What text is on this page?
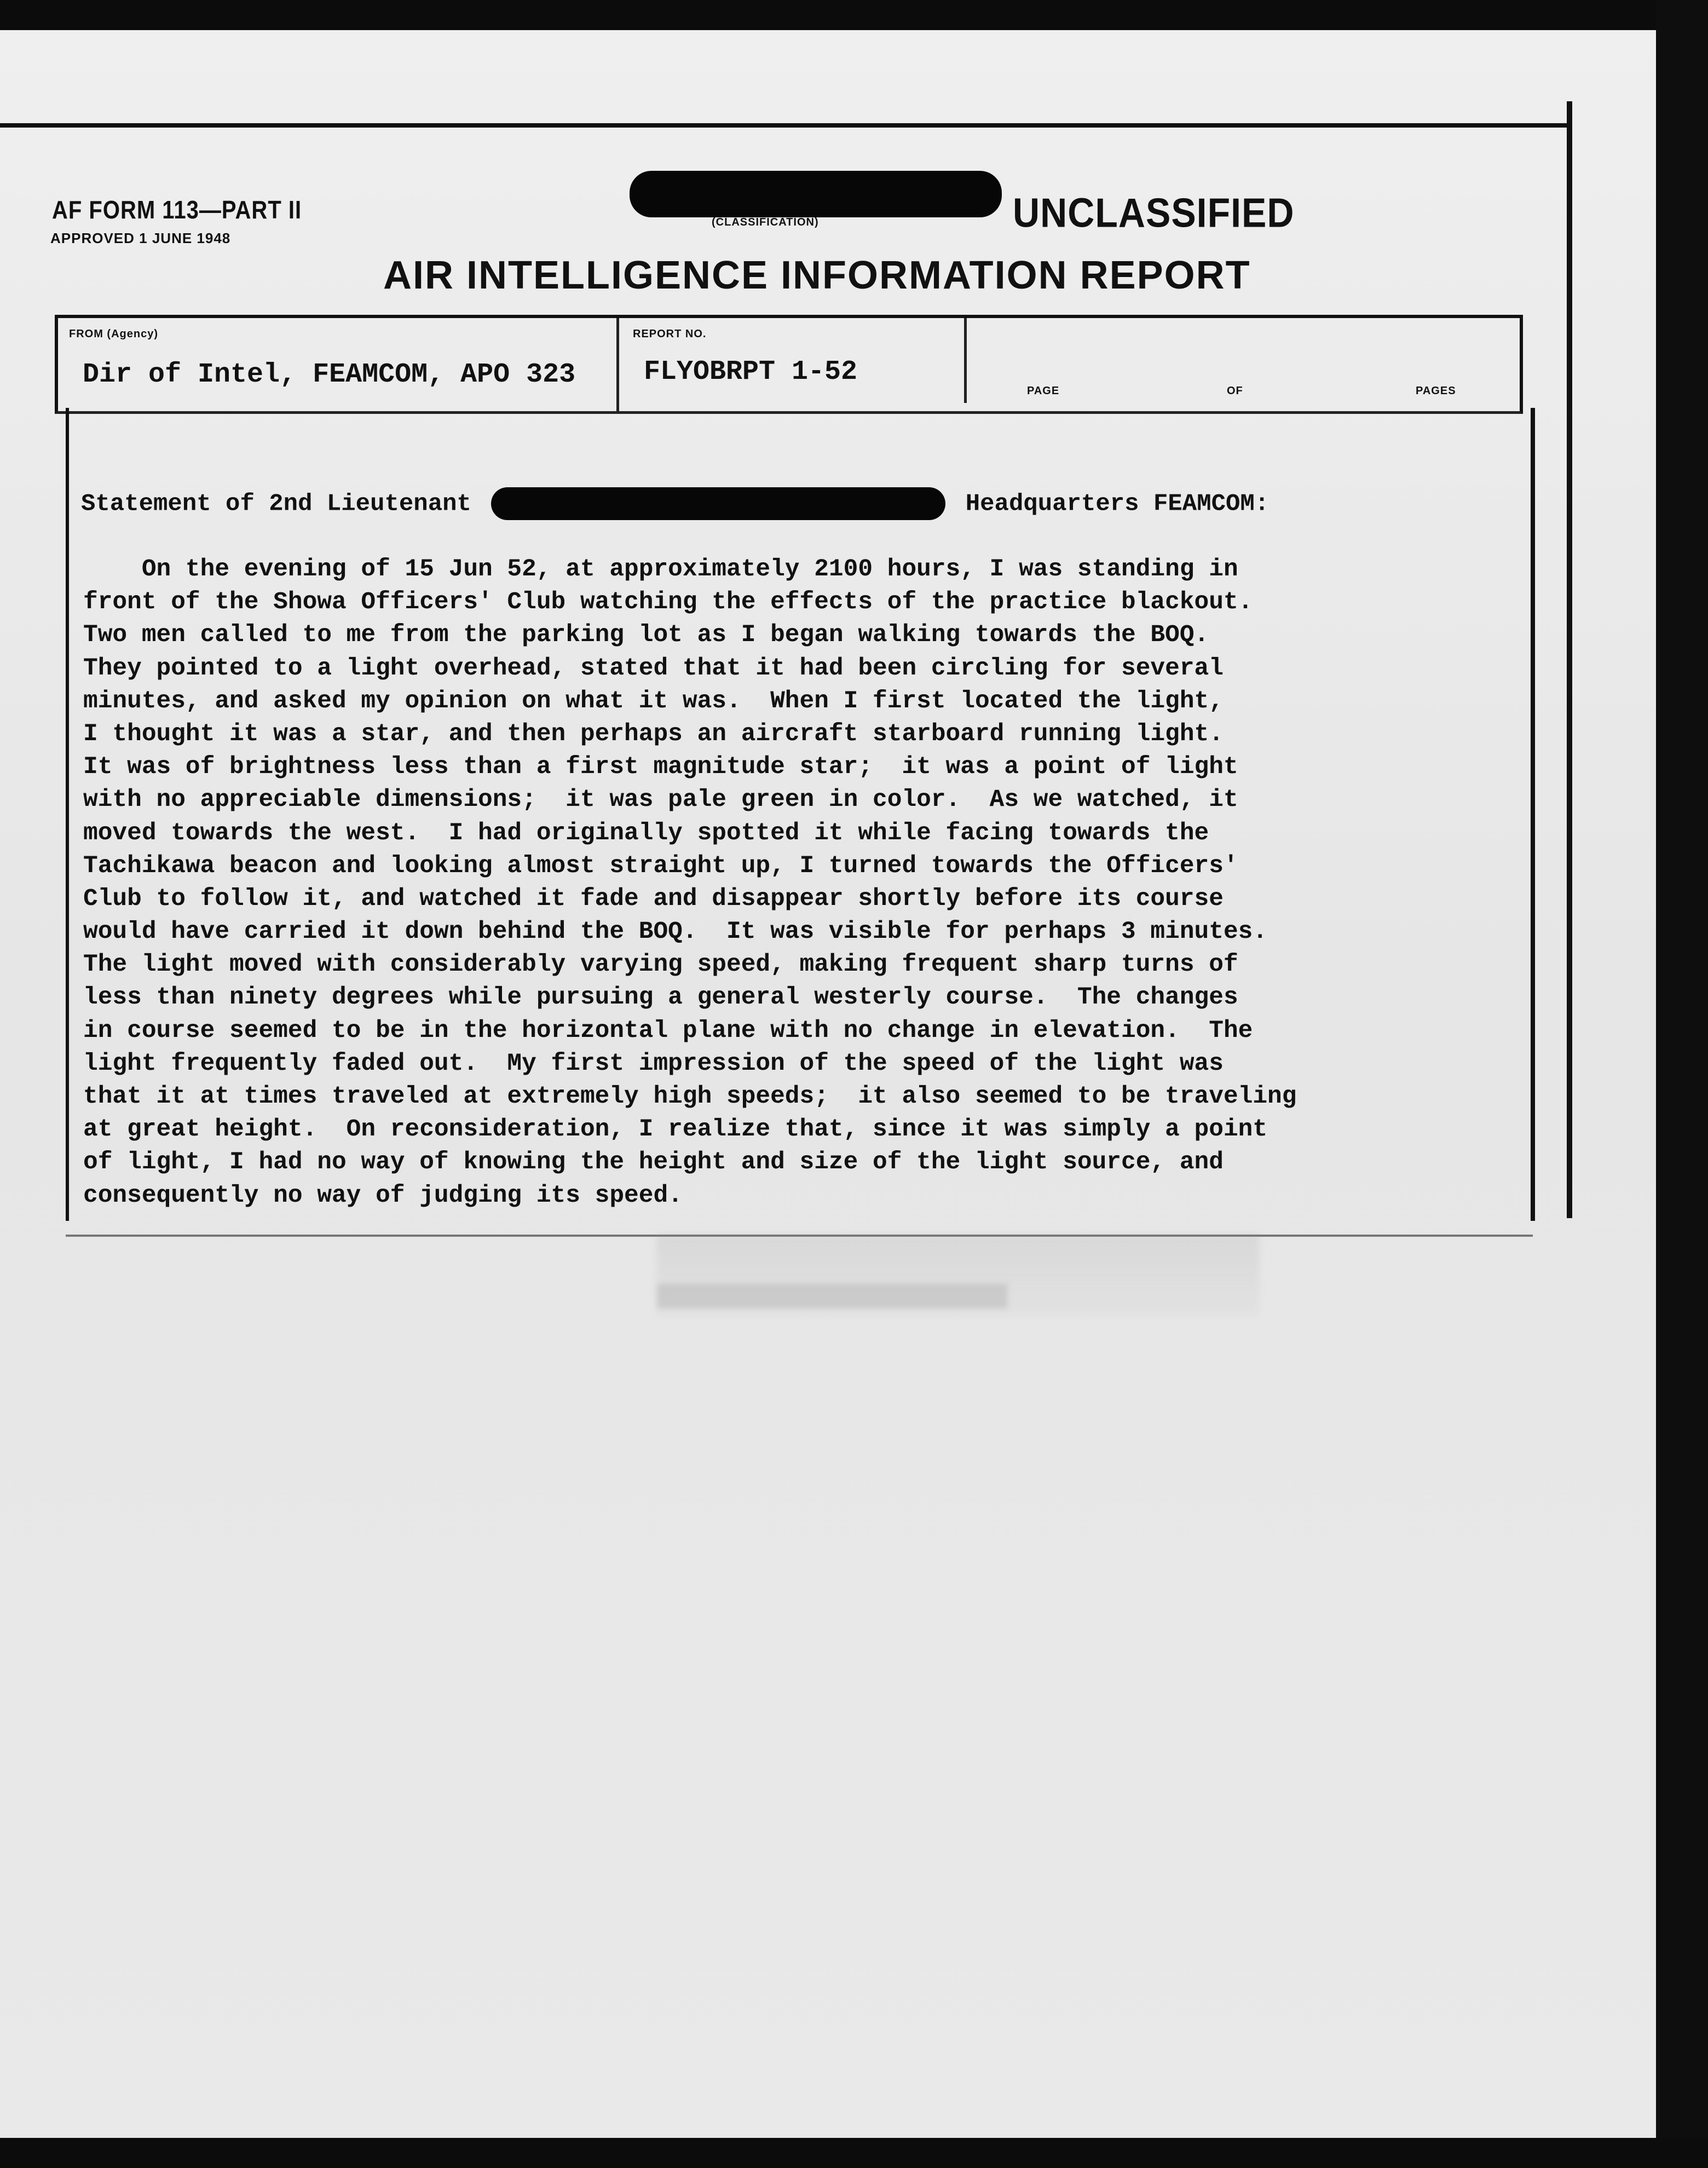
AF FORM 113—PART II
APPROVED 1 JUNE 1948
(CLASSIFICATION)	UNCLASSIFIED
AIR INTELLIGENCE INFORMATION REPORT
FROM (Agency)
Dir of Intel, FEAMCOM, APO 323
REPORT NO.
FLYOBRPT 1-52
PAGE	OF	PAGES
Statement of 2nd Lieutenant	Headquarters FEAMCOM:
On the evening of 15 Jun 52, at approximately 2100 hours, I was standing in
front of the Showa Officers' Club watching the effects of the practice blackout.
Two men called to me from the parking lot as I began walking towards the BOQ.
They pointed to a light overhead, stated that it had been circling for several
minutes, and asked my opinion on what it was.  When I first located the light,
I thought it was a star, and then perhaps an aircraft starboard running light.
It was of brightness less than a first magnitude star;  it was a point of light
with no appreciable dimensions;  it was pale green in color.  As we watched, it
moved towards the west.  I had originally spotted it while facing towards the
Tachikawa beacon and looking almost straight up, I turned towards the Officers'
Club to follow it, and watched it fade and disappear shortly before its course
would have carried it down behind the BOQ.  It was visible for perhaps 3 minutes.
The light moved with considerably varying speed, making frequent sharp turns of
less than ninety degrees while pursuing a general westerly course.  The changes
in course seemed to be in the horizontal plane with no change in elevation.  The
light frequently faded out.  My first impression of the speed of the light was
that it at times traveled at extremely high speeds;  it also seemed to be traveling
at great height.  On reconsideration, I realize that, since it was simply a point
of light, I had no way of knowing the height and size of the light source, and
consequently no way of judging its speed.
